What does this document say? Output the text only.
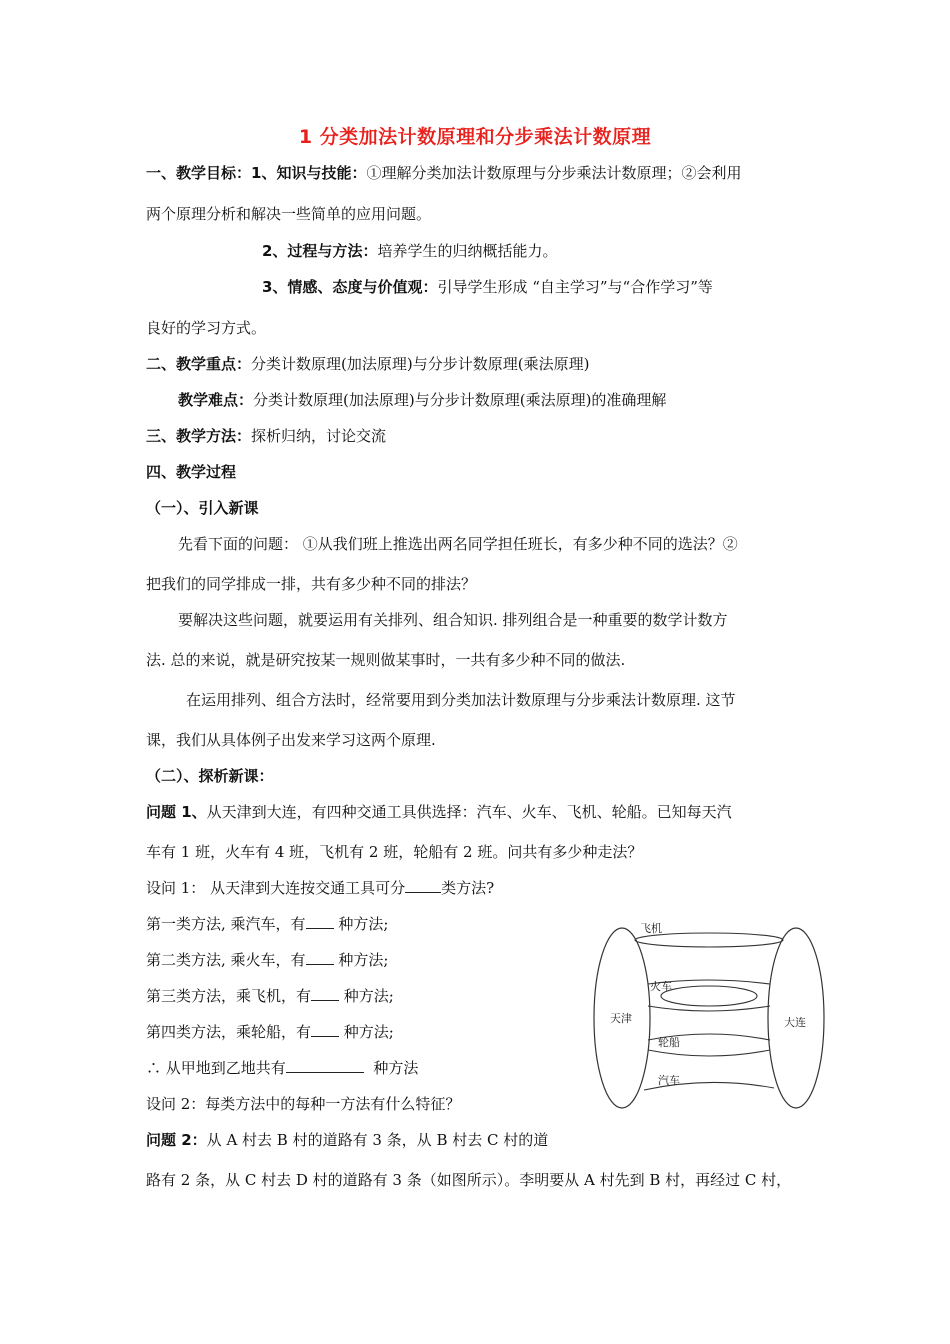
1 分类加法计数原理和分步乘法计数原理
一、教学目标：1、知识与技能：①理解分类加法计数原理与分步乘法计数原理；②会利用
两个原理分析和解决一些简单的应用问题。
2、过程与方法：培养学生的归纳概括能力。
3、情感、态度与价值观：引导学生形成 “自主学习”与“合作学习”等
良好的学习方式。
二、教学重点：分类计数原理(加法原理)与分步计数原理(乘法原理)
教学难点：分类计数原理(加法原理)与分步计数原理(乘法原理)的准确理解
三、教学方法：探析归纳，讨论交流
四、教学过程
（一）、引入新课
先看下面的问题： ①从我们班上推选出两名同学担任班长，有多少种不同的选法？②
把我们的同学排成一排，共有多少种不同的排法？
要解决这些问题，就要运用有关排列、组合知识. 排列组合是一种重要的数学计数方
法. 总的来说，就是研究按某一规则做某事时，一共有多少种不同的做法.
在运用排列、组合方法时，经常要用到分类加法计数原理与分步乘法计数原理. 这节
课，我们从具体例子出发来学习这两个原理.
（二）、探析新课：
问题 1、从天津到大连，有四种交通工具供选择：汽车、火车、飞机、轮船。已知每天汽
车有 1 班，火车有 4 班，飞机有 2 班，轮船有 2 班。问共有多少种走法？
设问 1： 从天津到大连按交通工具可分 类方法?
第一类方法, 乘汽车，有 种方法;
第二类方法, 乘火车，有 种方法;
第三类方法，乘飞机，有 种方法;
第四类方法，乘轮船，有 种方法;
∴ 从甲地到乙地共有	种方法
设问 2：每类方法中的每种一方法有什么特征？
问题 2：从 A 村去 B 村的道路有 3 条，从 B 村去 C 村的道
路有 2 条，从 C 村去 D 村的道路有 3 条（如图所示）。李明要从 A 村先到 B 村，再经过 C 村，
天津	大连
飞机
火车
轮船
汽车
